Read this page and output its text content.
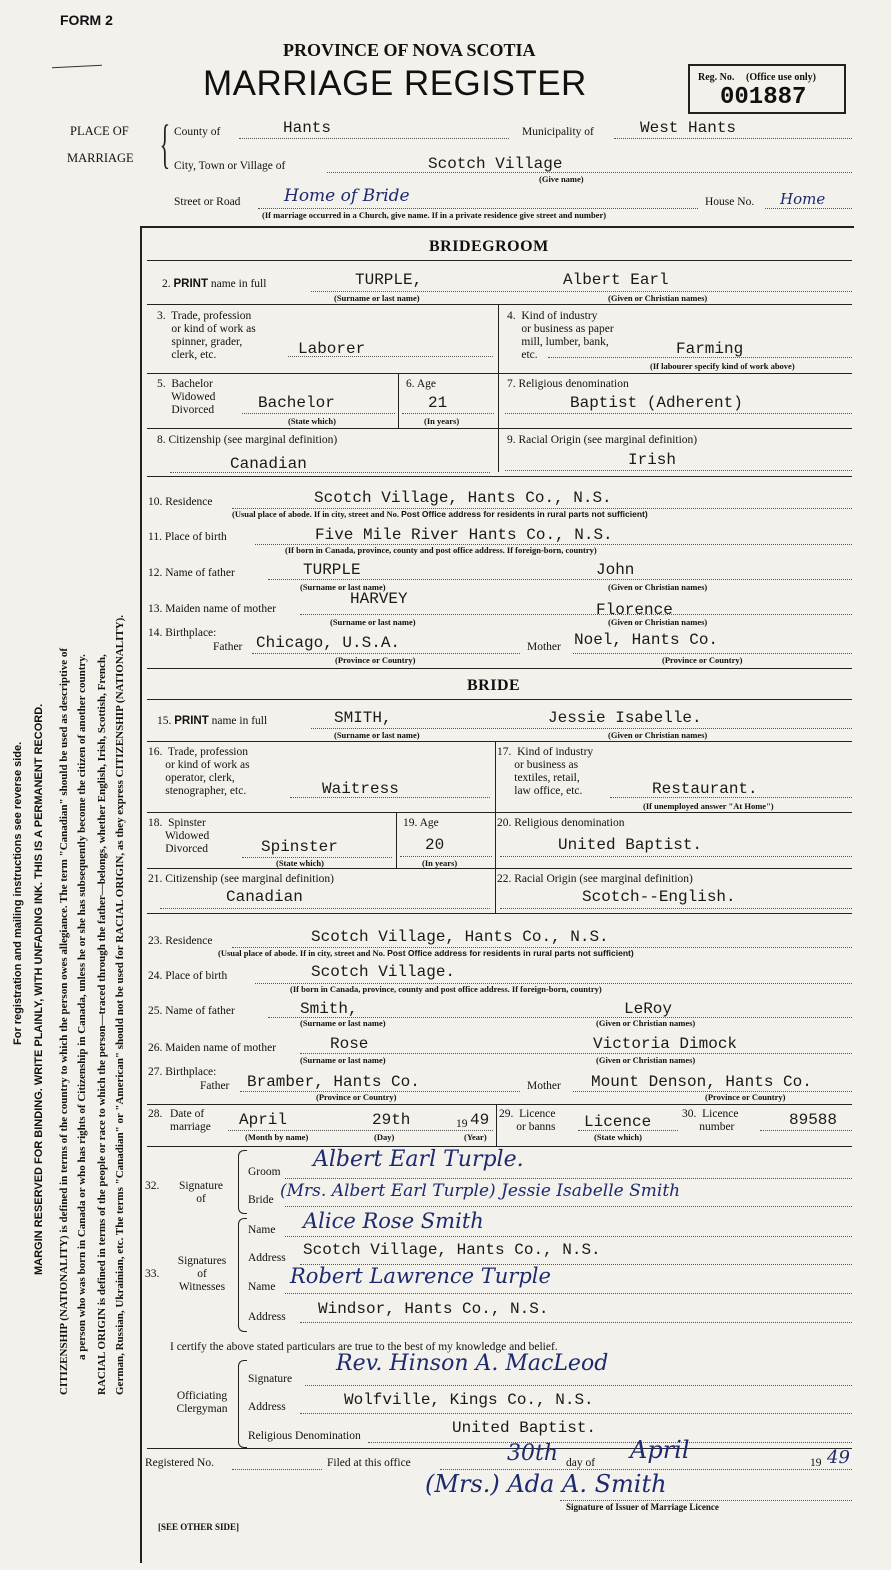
For registration and mailing instructions see reverse side. MARGIN RESERVED FOR BINDING. WRITE PLAINLY, WITH UNFADING INK. THIS IS A PERMANENT RECORD. CITIZENSHIP (NATIONALITY) is defined in terms of the country to which the person owes allegiance. The term "Canadian" should be used as descriptive of a person who was born in Canada or who has rights of Citizenship in Canada, unless he or she has subsequently become the citizen of another country. RACIAL ORIGIN is defined in terms of the people or race to which the person—traced through the father—belongs, whether English, Irish, Scottish, French, German, Russian, Ukrainian, etc. The terms "Canadian" or "American" should not be used for RACIAL ORIGIN, as they express CITIZENSHIP (NATIONALITY).
FORM 2
PROVINCE OF NOVA SCOTIA
MARRIAGE REGISTER	Reg. No. (Office use only)
001887
PLACE OF
MARRIAGE { County of	Hants	Municipality of	West Hants
City, Town or Village of	Scotch Village
(Give name)
Street or Road	Home of Bride	House No. Home
(If marriage occurred in a Church, give name. If in a private residence give street and number)
BRIDEGROOM
2. PRINT name in full	TURPLE,	Albert Earl
(Surname or last name)	(Given or Christian names)
3.  Trade, profession
or kind of work as
spinner, grader,
clerk, etc.	Laborer
4.  Kind of industry
or business as paper
mill, lumber, bank,
etc.	Farming
(If labourer specify kind of work above)
5.  Bachelor
Widowed
Divorced	Bachelor
(State which)
6. Age
21
(In years)
7. Religious denomination
Baptist (Adherent)
8. Citizenship (see marginal definition)
Canadian
9. Racial Origin (see marginal definition)
Irish
10. Residence	Scotch Village, Hants Co., N.S.
(Usual place of abode. If in city, street and No. Post Office address for residents in rural parts not sufficient)
11. Place of birth	Five Mile River Hants Co., N.S.
(If born in Canada, province, county and post office address. If foreign-born, country)
12. Name of father	TURPLE	John
(Surname or last name)	(Given or Christian names)
13. Maiden name of mother
HARVEY
Florence
(Surname or last name)	(Given or Christian names)
14. Birthplace:
Father Chicago, U.S.A.	Mother Noel, Hants Co.
(Province or Country)	(Province or Country)
BRIDE
15. PRINT name in full	SMITH,	Jessie Isabelle.
(Surname or last name)	(Given or Christian names)
16.  Trade, profession
or kind of work as
operator, clerk,
stenographer, etc.	Waitress
17.  Kind of industry
or business as
textiles, retail,
law office, etc.	Restaurant.
(If unemployed answer "At Home")
18.  Spinster
Widowed
Divorced	Spinster
(State which)
19. Age
20
(In years)
20. Religious denomination
United Baptist.
21. Citizenship (see marginal definition)
Canadian
22. Racial Origin (see marginal definition)
Scotch--English.
23. Residence	Scotch Village, Hants Co., N.S.
(Usual place of abode. If in city, street and No. Post Office address for residents in rural parts not sufficient)
24. Place of birth	Scotch Village.
(If born in Canada, province, county and post office address. If foreign-born, country)
25. Name of father	Smith,	LeRoy
(Surname or last name)	(Given or Christian names)
26. Maiden name of mother	Rose	Victoria Dimock
(Surname or last name)	(Given or Christian names)
27. Birthplace:
Father Bramber, Hants Co.	Mother Mount Denson, Hants Co.
(Province or Country)	(Province or Country)
28. Date of
marriage April	29th	19 49
(Month by name)	(Day)	(Year)
29.  Licence
or banns Licence
(State which)
30.  Licence
number	89588
32.	Signature
of
Groom Albert Earl Turple.
Bride (Mrs. Albert Earl Turple) Jessie Isabelle Smith
33.
Signatures
of
Witnesses
Name Alice Rose Smith
Address Scotch Village, Hants Co., N.S.
Name Robert Lawrence Turple
Address Windsor, Hants Co., N.S.
I certify the above stated particulars are true to the best of my knowledge and belief.
Officiating
Clergyman
Signature
Rev. Hinson A. MacLeod
Address	Wolfville, Kings Co., N.S.
Religious Denomination	United Baptist.
Registered No.	Filed at this office	30th day of April	19 49
(Mrs.) Ada A. Smith
Signature of Issuer of Marriage Licence
[SEE OTHER SIDE]
